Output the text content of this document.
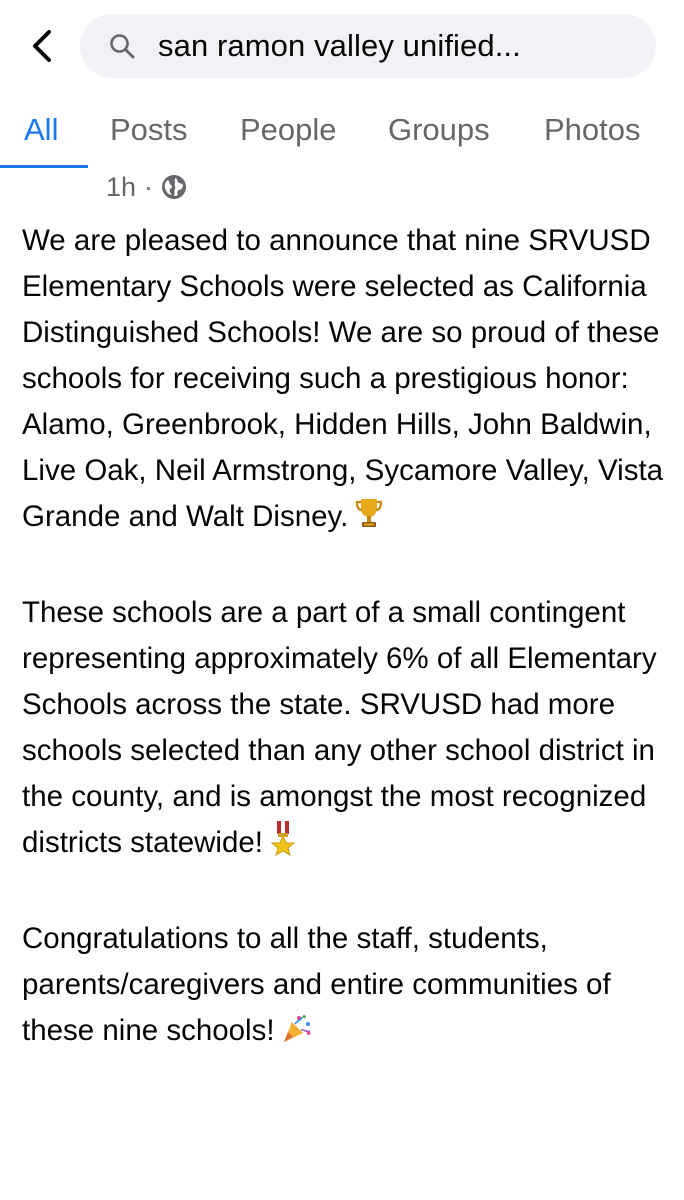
san ramon valley unified...
All Posts People Groups Photos
1h ·

We are pleased to announce that nine SRVUSD Elementary Schools were selected as California Distinguished Schools! We are so proud of these schools for receiving such a prestigious honor: Alamo, Greenbrook, Hidden Hills, John Baldwin, Live Oak, Neil Armstrong, Sycamore Valley, Vista Grande and Walt Disney.

These schools are a part of a small contingent representing approximately 6% of all Elementary Schools across the state. SRVUSD had more schools selected than any other school district in the county, and is amongst the most recognized districts statewide!

Congratulations to all the staff, students, parents/caregivers and entire communities of these nine schools!
